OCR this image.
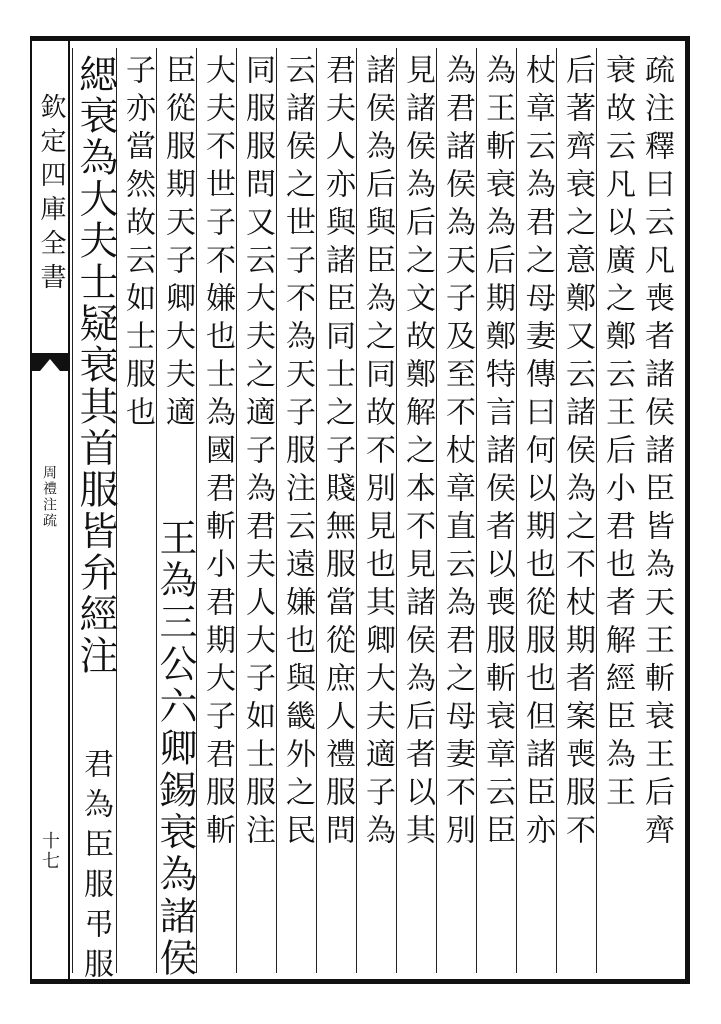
欽定四庫全書
周禮注疏
十七	疏注釋曰云凡喪者諸侯諸臣皆為天王斬衰王后齊
衰故云凡以廣之鄭云王后小君也者解經臣為王
后著齊衰之意鄭又云諸侯為之不杖期者案喪服不
杖章云為君之母妻傳曰何以期也從服也但諸臣亦
為王斬衰為后期鄭特言諸侯者以喪服斬衰章云臣
為君諸侯為天子及至不杖章直云為君之母妻不別
見諸侯為后之文故鄭解之本不見諸侯為后者以其
諸侯為后與臣為之同故不別見也其卿大夫適子為
君夫人亦與諸臣同士之子賤無服當從庶人禮服問
云諸侯之世子不為天子服注云遠嫌也與畿外之民
同服服問又云大夫之適子為君夫人大子如士服注
大夫不世子不嫌也士為國君斬小君期大子君服斬
臣從服期天子卿大夫適
王為三公六卿錫衰為諸侯
子亦當然故云如士服也
緦衰為大夫士疑衰其首服皆弁經注
君為臣服弔服
